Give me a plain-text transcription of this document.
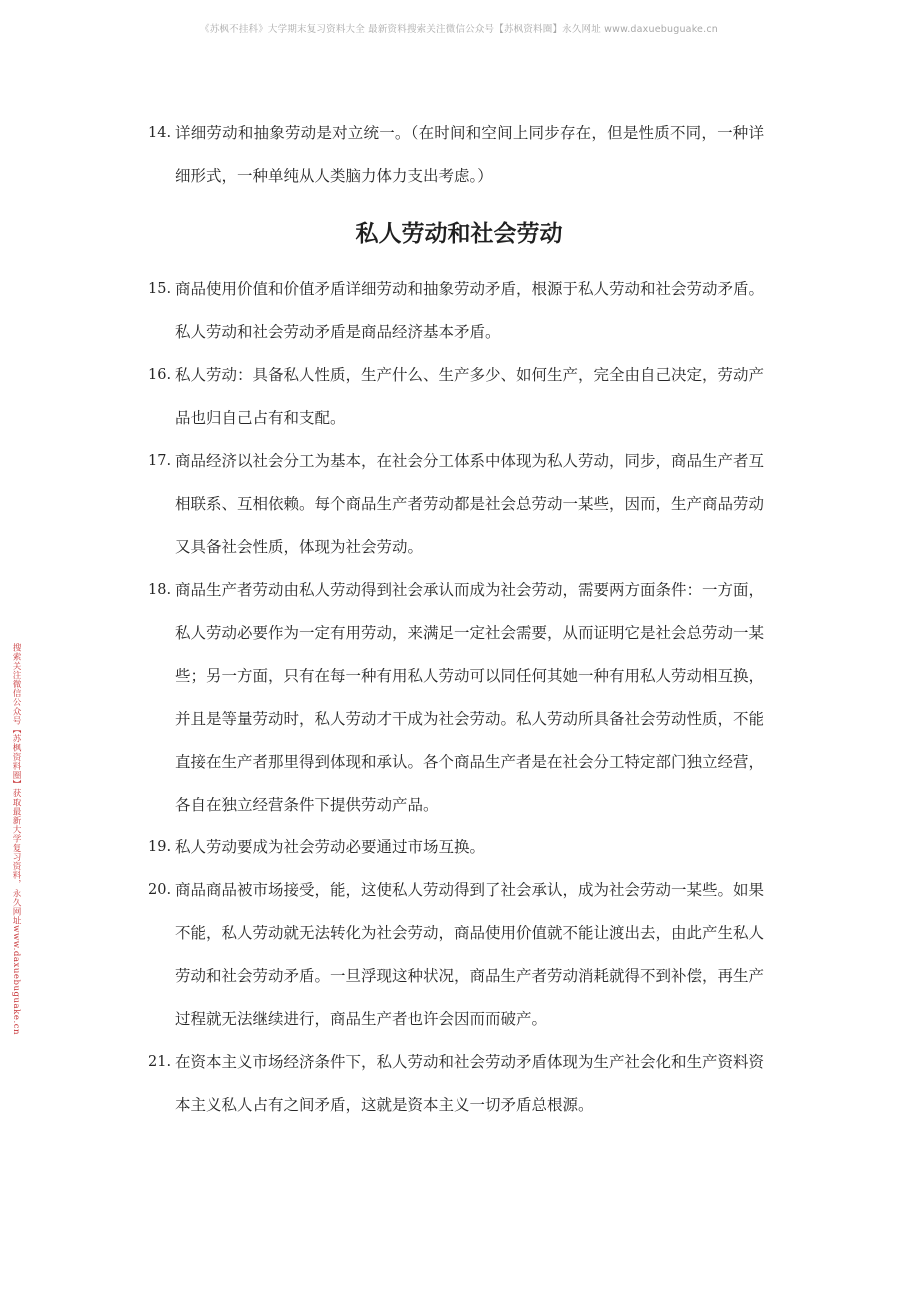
《苏枫不挂科》大学期末复习资料大全 最新资料搜索关注微信公众号【苏枫资料圈】永久网址 www.daxuebuguake.cn
搜索关注微信公众号【苏枫资料圈】获取最新大学复习资料，永久网址www.daxuebuguake.cn
14. 详细劳动和抽象劳动是对立统一。（在时间和空间上同步存在，但是性质不同，一种详细形式，一种单纯从人类脑力体力支出考虑。）
私人劳动和社会劳动
15. 商品使用价值和价值矛盾详细劳动和抽象劳动矛盾，根源于私人劳动和社会劳动矛盾。私人劳动和社会劳动矛盾是商品经济基本矛盾。
16. 私人劳动：具备私人性质，生产什么、生产多少、如何生产，完全由自己决定，劳动产品也归自己占有和支配。
17. 商品经济以社会分工为基本，在社会分工体系中体现为私人劳动，同步，商品生产者互相联系、互相依赖。每个商品生产者劳动都是社会总劳动一某些，因而，生产商品劳动又具备社会性质，体现为社会劳动。
18. 商品生产者劳动由私人劳动得到社会承认而成为社会劳动，需要两方面条件：一方面，私人劳动必要作为一定有用劳动，来满足一定社会需要，从而证明它是社会总劳动一某些；另一方面，只有在每一种有用私人劳动可以同任何其她一种有用私人劳动相互换，并且是等量劳动时，私人劳动才干成为社会劳动。私人劳动所具备社会劳动性质，不能直接在生产者那里得到体现和承认。各个商品生产者是在社会分工特定部门独立经营，各自在独立经营条件下提供劳动产品。
19. 私人劳动要成为社会劳动必要通过市场互换。
20. 商品商品被市场接受，能，这使私人劳动得到了社会承认，成为社会劳动一某些。如果不能，私人劳动就无法转化为社会劳动，商品使用价值就不能让渡出去，由此产生私人劳动和社会劳动矛盾。一旦浮现这种状况，商品生产者劳动消耗就得不到补偿，再生产过程就无法继续进行，商品生产者也许会因而而破产。
21. 在资本主义市场经济条件下，私人劳动和社会劳动矛盾体现为生产社会化和生产资料资本主义私人占有之间矛盾，这就是资本主义一切矛盾总根源。
